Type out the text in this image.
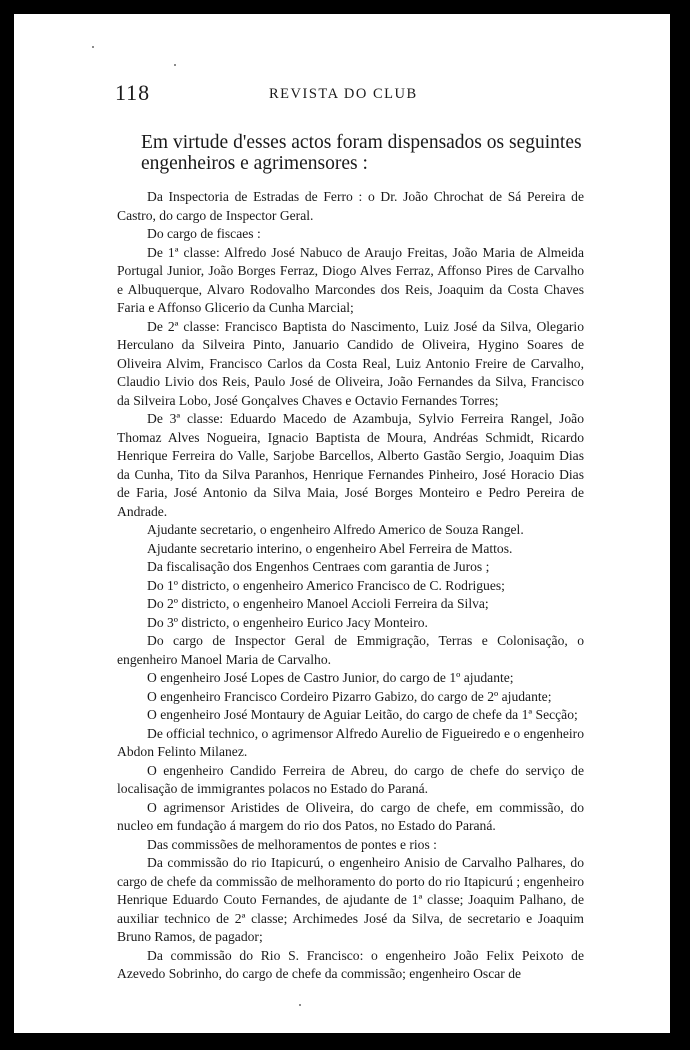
118	REVISTA DO CLUB

Em virtude d'esses actos foram dispensados os seguintes engenheiros e agrimensores :

Da Inspectoria de Estradas de Ferro : o Dr. João Chrochat de Sá Pereira de Castro, do cargo de Inspector Geral.

Do cargo de fiscaes :

De 1ª classe: Alfredo José Nabuco de Araujo Freitas, João Maria de Almeida Portugal Junior, João Borges Ferraz, Diogo Alves Ferraz, Affonso Pires de Carvalho e Albuquerque, Alvaro Rodovalho Marcondes dos Reis, Joaquim da Costa Chaves Faria e Affonso Glicerio da Cunha Marcial;

De 2ª classe: Francisco Baptista do Nascimento, Luiz José da Silva, Olegario Herculano da Silveira Pinto, Januario Candido de Oliveira, Hygino Soares de Oliveira Alvim, Francisco Carlos da Costa Real, Luiz Antonio Freire de Carvalho, Claudio Livio dos Reis, Paulo José de Oliveira, João Fernandes da Silva, Francisco da Silveira Lobo, José Gonçalves Chaves e Octavio Fernandes Torres;

De 3ª classe: Eduardo Macedo de Azambuja, Sylvio Ferreira Rangel, João Thomaz Alves Nogueira, Ignacio Baptista de Moura, Andréas Schmidt, Ricardo Henrique Ferreira do Valle, Sarjobe Barcellos, Alberto Gastão Sergio, Joaquim Dias da Cunha, Tito da Silva Paranhos, Henrique Fernandes Pinheiro, José Horacio Dias de Faria, José Antonio da Silva Maia, José Borges Monteiro e Pedro Pereira de Andrade.

Ajudante secretario, o engenheiro Alfredo Americo de Souza Rangel.

Ajudante secretario interino, o engenheiro Abel Ferreira de Mattos.

Da fiscalisação dos Engenhos Centraes com garantia de Juros ;

Do 1º districto, o engenheiro Americo Francisco de C. Rodrigues;

Do 2º districto, o engenheiro Manoel Accioli Ferreira da Silva;

Do 3º districto, o engenheiro Eurico Jacy Monteiro.

Do cargo de Inspector Geral de Emmigração, Terras e Colonisação, o engenheiro Manoel Maria de Carvalho.

O engenheiro José Lopes de Castro Junior, do cargo de 1º ajudante;

O engenheiro Francisco Cordeiro Pizarro Gabizo, do cargo de 2º ajudante;

O engenheiro José Montaury de Aguiar Leitão, do cargo de chefe da 1ª Secção;

De official technico, o agrimensor Alfredo Aurelio de Figueiredo e o engenheiro Abdon Felinto Milanez.

O engenheiro Candido Ferreira de Abreu, do cargo de chefe do serviço de localisação de immigrantes polacos no Estado do Paraná.

O agrimensor Aristides de Oliveira, do cargo de chefe, em commissão, do nucleo em fundação á margem do rio dos Patos, no Estado do Paraná.

Das commissões de melhoramentos de pontes e rios :

Da commissão do rio Itapicurú, o engenheiro Anisio de Carvalho Palhares, do cargo de chefe da commissão de melhoramento do porto do rio Itapicurú ; engenheiro Henrique Eduardo Couto Fernandes, de ajudante de 1ª classe; Joaquim Palhano, de auxiliar technico de 2ª classe; Archimedes José da Silva, de secretario e Joaquim Bruno Ramos, de pagador;

Da commissão do Rio S. Francisco: o engenheiro João Felix Peixoto de Azevedo Sobrinho, do cargo de chefe da commissão; engenheiro Oscar de
